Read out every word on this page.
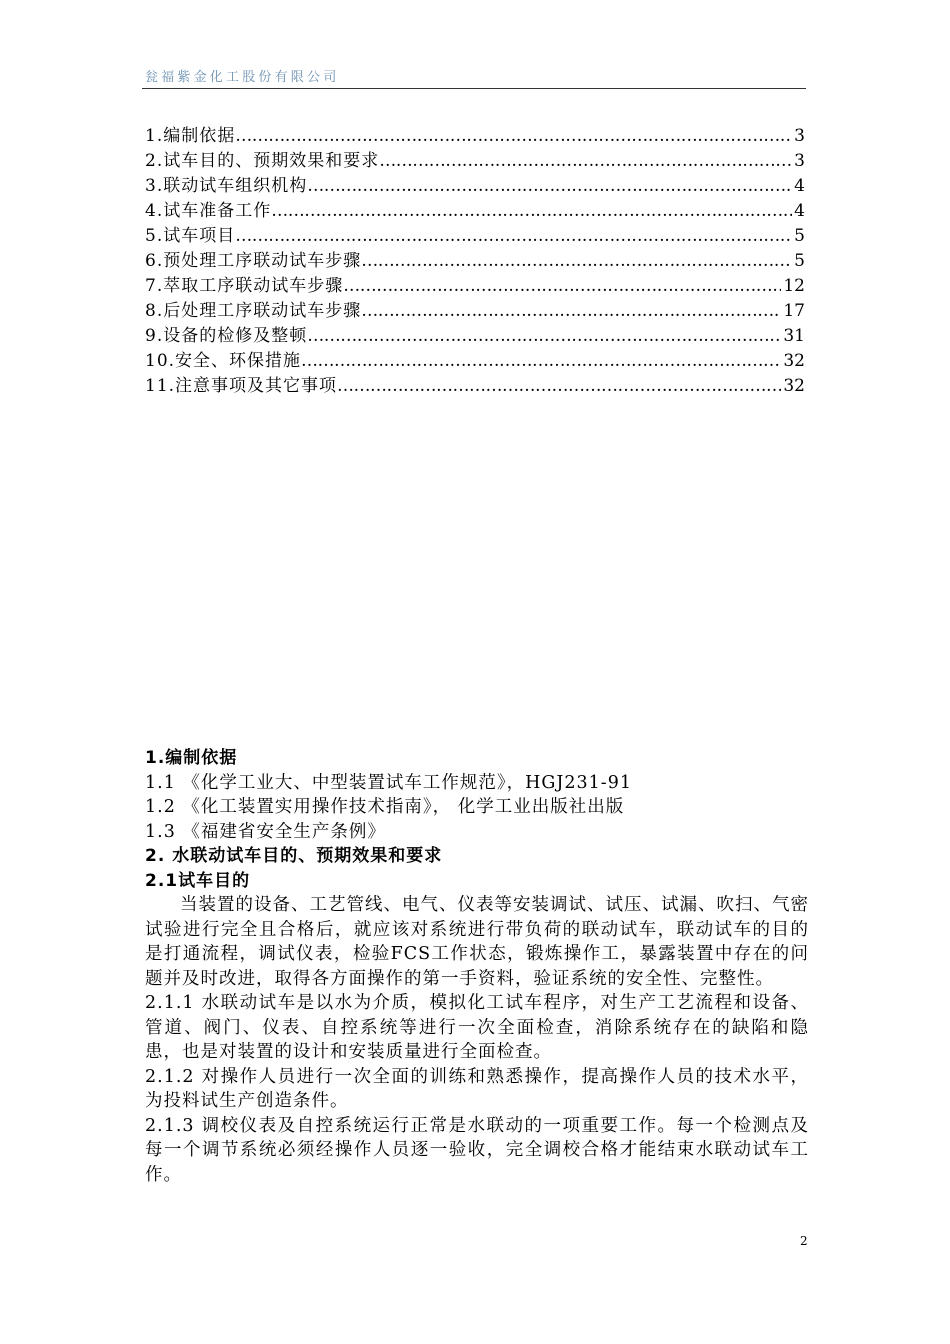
瓮福紫金化工股份有限公司
1.编制依据 ………………………………………………………………………………………………………………………………………………	3
2.试车目的、预期效果和要求 ………………………………………………………………………………………………………………………………………………	3
3.联动试车组织机构 ………………………………………………………………………………………………………………………………………………	4
4.试车准备工作 ………………………………………………………………………………………………………………………………………………	4
5.试车项目 ………………………………………………………………………………………………………………………………………………	5
6.预处理工序联动试车步骤 ………………………………………………………………………………………………………………………………………………	5
7.萃取工序联动试车步骤 ………………………………………………………………………………………………………………………………………………	12
8.后处理工序联动试车步骤 ………………………………………………………………………………………………………………………………………………	17
9.设备的检修及整顿 ………………………………………………………………………………………………………………………………………………	31
10.安全、环保措施 ………………………………………………………………………………………………………………………………………………	32
11.注意事项及其它事项 ………………………………………………………………………………………………………………………………………………	32
1.编制依据
1.1 《化学工业大、中型装置试车工作规范》，HGJ231-91
1.2 《化工装置实用操作技术指南》， 化学工业出版社出版
1.3 《福建省安全生产条例》
2. 水联动试车目的、预期效果和要求
2.1试车目的
当装置的设备、工艺管线、电气、仪表等安装调试、试压、试漏、吹扫、气密试验进行完全且合格后，就应该对系统进行带负荷的联动试车，联动试车的目的是打通流程，调试仪表，检验FCS工作状态，锻炼操作工，暴露装置中存在的问题并及时改进，取得各方面操作的第一手资料，验证系统的安全性、完整性。
2.1.1 水联动试车是以水为介质，模拟化工试车程序，对生产工艺流程和设备、管道、阀门、仪表、自控系统等进行一次全面检查，消除系统存在的缺陷和隐患，也是对装置的设计和安装质量进行全面检查。
2.1.2 对操作人员进行一次全面的训练和熟悉操作，提高操作人员的技术水平，为投料试生产创造条件。
2.1.3 调校仪表及自控系统运行正常是水联动的一项重要工作。每一个检测点及每一个调节系统必须经操作人员逐一验收，完全调校合格才能结束水联动试车工作。
2
